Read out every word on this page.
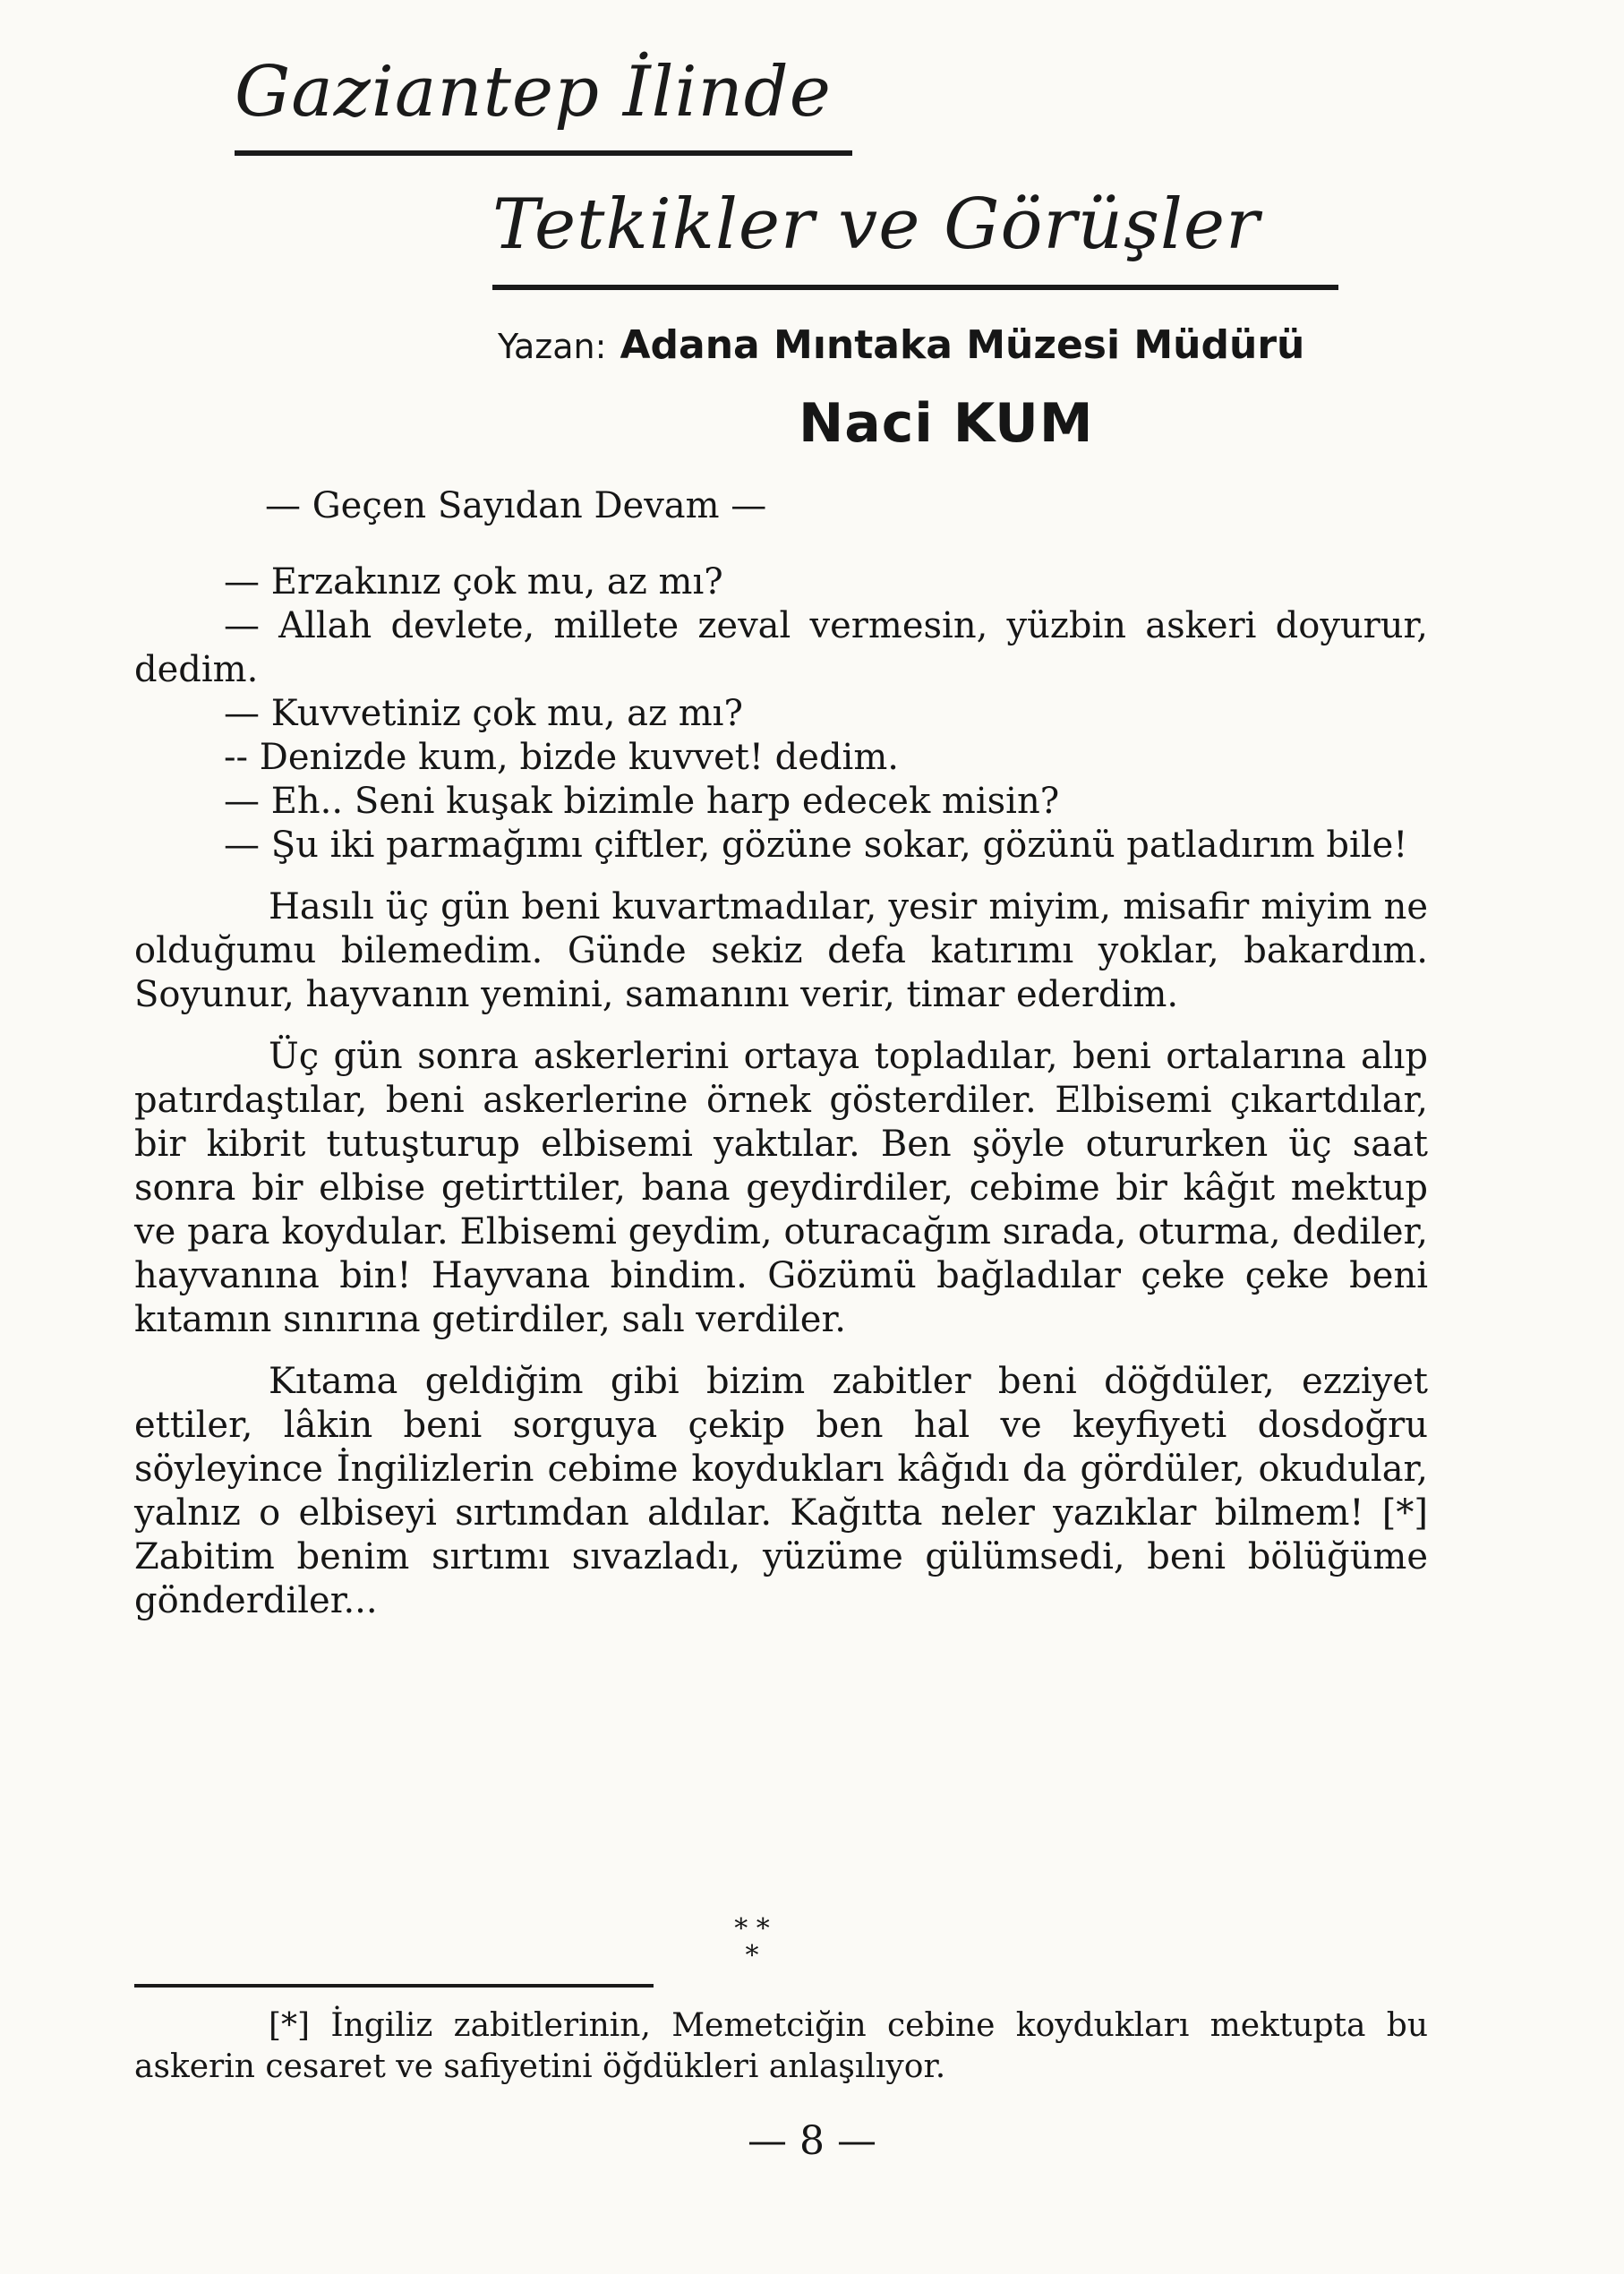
Gaziantep İlinde
Tetkikler ve Görüşler
Yazan: Adana Mıntaka Müzesi Müdürü
Naci KUM
— Geçen Sayıdan Devam —

— Erzakınız çok mu, az mı?

— Allah devlete, millete zeval vermesin, yüzbin askeri doyurur, dedim.

— Kuvvetiniz çok mu, az mı?

-- Denizde kum, bizde kuvvet! dedim.

— Eh.. Seni kuşak bizimle harp edecek misin?

— Şu iki parmağımı çiftler, gözüne sokar, gözünü patladırım bile!

Hasılı üç gün beni kuvartmadılar, yesir miyim, misafir miyim ne olduğumu bilemedim. Günde sekiz defa katırımı yoklar, bakardım. Soyunur, hayvanın yemini, samanını verir, timar ederdim.

Üç gün sonra askerlerini ortaya topladılar, beni ortalarına alıp patırdaştılar, beni askerlerine örnek gösterdiler. Elbisemi çıkartdılar, bir kibrit tutuşturup elbisemi yaktılar. Ben şöyle otururken üç saat sonra bir elbise getirttiler, bana geydirdiler, cebime bir kâğıt mektup ve para koydular. Elbisemi geydim, oturacağım sırada, oturma, dediler, hayvanına bin! Hayvana bindim. Gözümü bağladılar çeke çeke beni kıtamın sınırına getirdiler, salı verdiler.

Kıtama geldiğim gibi bizim zabitler beni döğdüler, ezziyet ettiler, lâkin beni sorguya çekip ben hal ve keyfiyeti dosdoğru söyleyince İngilizlerin cebime koydukları kâğıdı da gördüler, okudular, yalnız o elbiseyi sırtımdan aldılar. Kağıtta neler yazıklar bilmem! [*] Zabitim benim sırtımı sıvazladı, yüzüme gülümsedi, beni bölüğüme gönderdiler...

* *
*

[*] İngiliz zabitlerinin, Memetciğin cebine koydukları mektupta bu askerin cesaret ve safiyetini öğdükleri anlaşılıyor.

— 8 —
